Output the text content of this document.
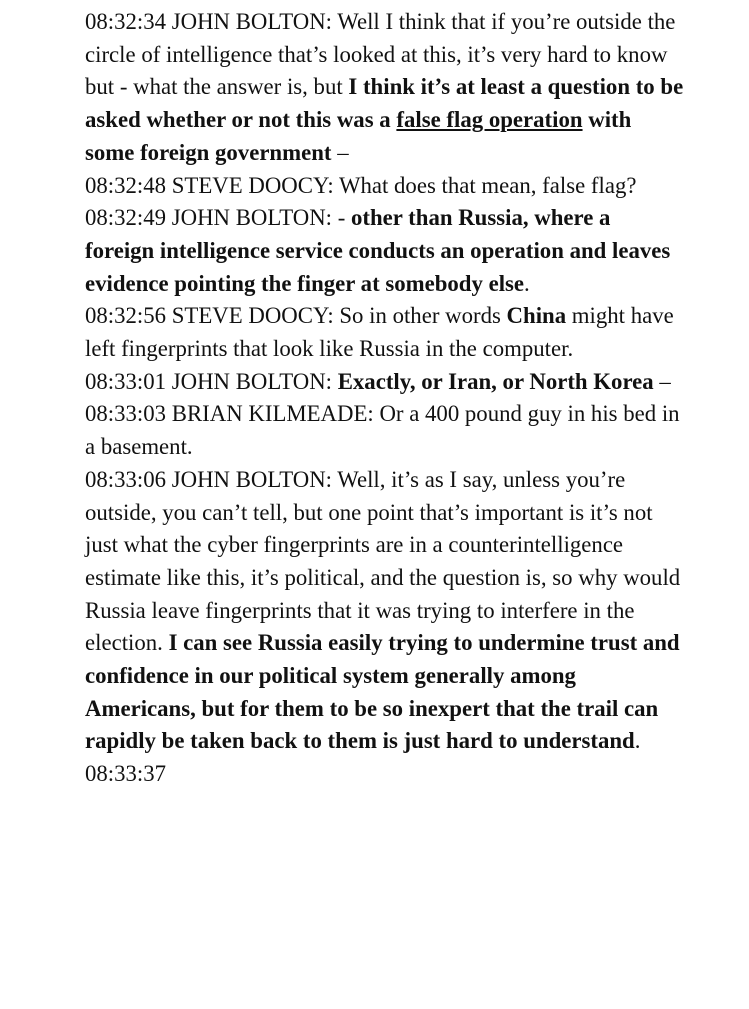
08:32:34 JOHN BOLTON: Well I think that if you’re outside the circle of intelligence that’s looked at this, it’s very hard to know but - what the answer is, but I think it’s at least a question to be asked whether or not this was a false flag operation with some foreign government –

08:32:48 STEVE DOOCY: What does that mean, false flag?

08:32:49 JOHN BOLTON: - other than Russia, where a foreign intelligence service conducts an operation and leaves evidence pointing the finger at somebody else.

08:32:56 STEVE DOOCY: So in other words China might have left fingerprints that look like Russia in the computer.

08:33:01 JOHN BOLTON: Exactly, or Iran, or North Korea –

08:33:03 BRIAN KILMEADE: Or a 400 pound guy in his bed in a basement.

08:33:06 JOHN BOLTON: Well, it’s as I say, unless you’re outside, you can’t tell, but one point that’s important is it’s not just what the cyber fingerprints are in a counterintelligence estimate like this, it’s political, and the question is, so why would Russia leave fingerprints that it was trying to interfere in the election. I can see Russia easily trying to undermine trust and confidence in our political system generally among Americans, but for them to be so inexpert that the trail can rapidly be taken back to them is just hard to understand. 08:33:37
